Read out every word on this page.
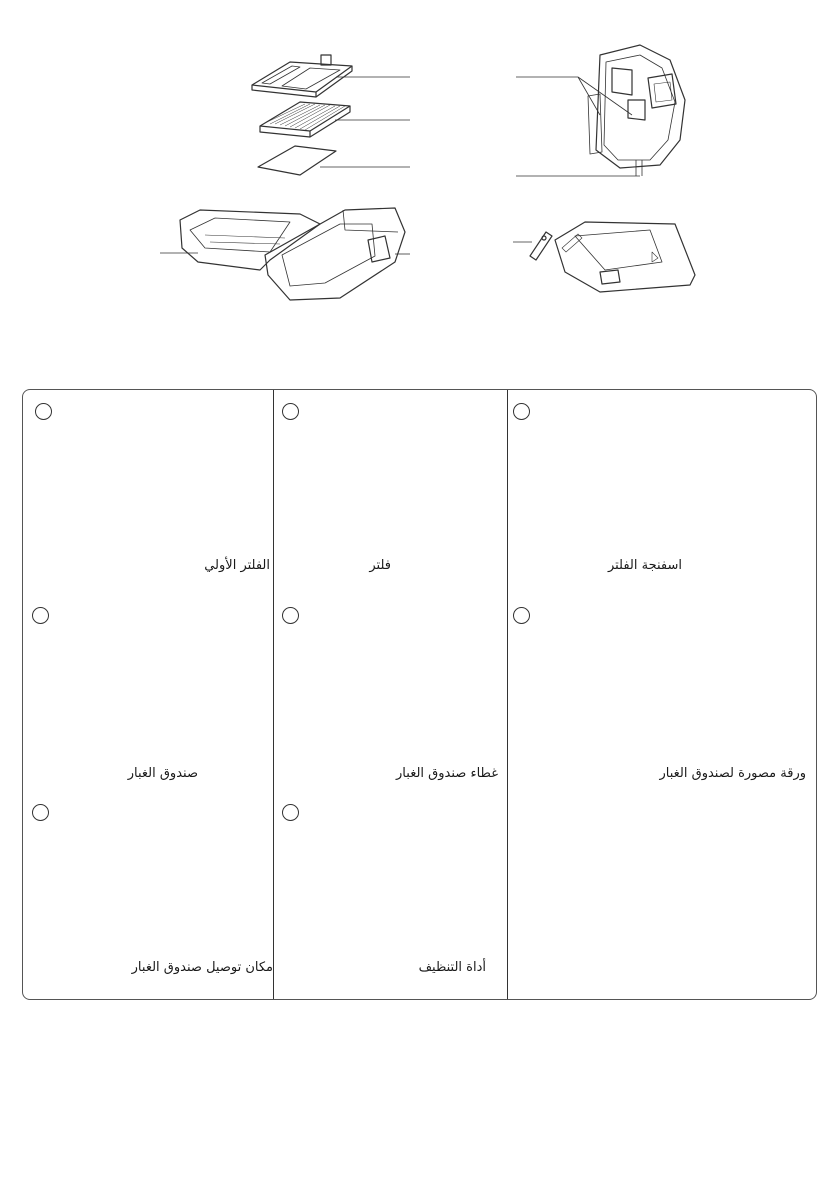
الفلتر الأولي	فلتر	اسفنجة الفلتر
صندوق الغبار	غطاء صندوق الغبار	ورقة مصورة لصندوق الغبار
مكان توصيل صندوق الغبار	أداة التنظيف
